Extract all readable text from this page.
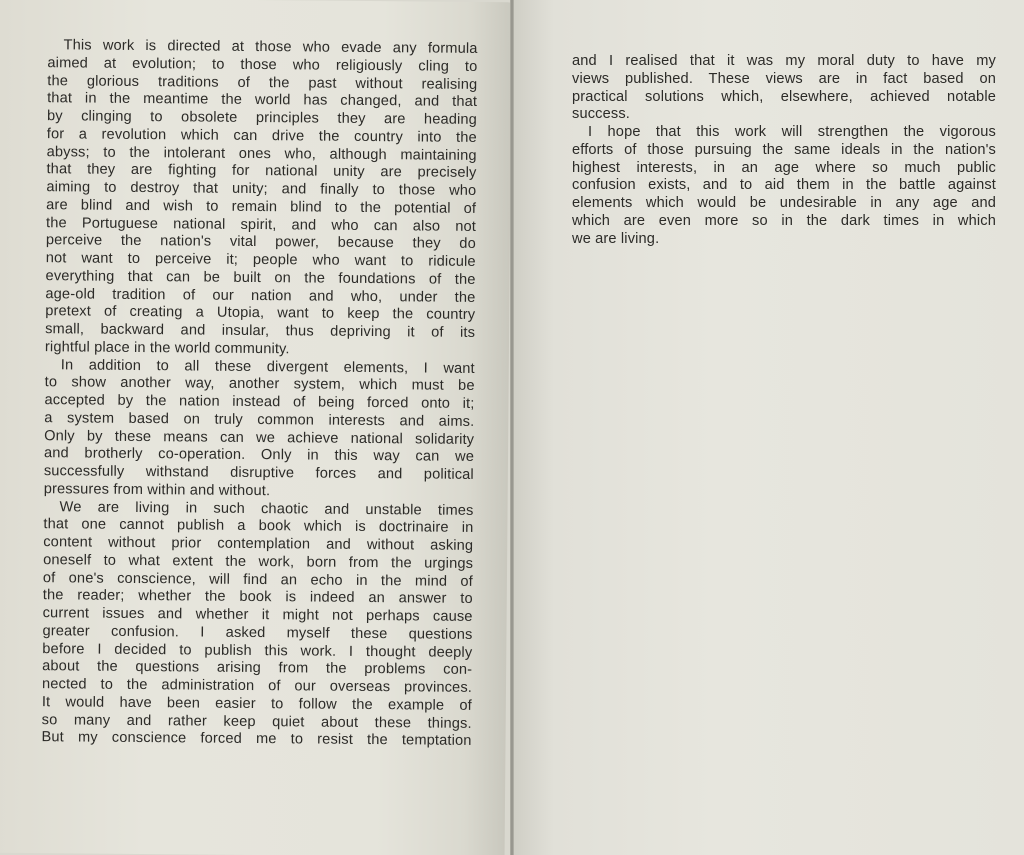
This work is directed at those who evade any formula
aimed at evolution; to those who religiously cling to
the glorious traditions of the past without realising
that in the meantime the world has changed, and that
by clinging to obsolete principles they are heading
for a revolution which can drive the country into the
abyss; to the intolerant ones who, although maintaining
that they are fighting for national unity are precisely
aiming to destroy that unity; and finally to those who
are blind and wish to remain blind to the potential of
the Portuguese national spirit, and who can also not
perceive the nation's vital power, because they do
not want to perceive it; people who want to ridicule
everything that can be built on the foundations of the
age-old tradition of our nation and who, under the
pretext of creating a Utopia, want to keep the country
small, backward and insular, thus depriving it of its
rightful place in the world community.
In addition to all these divergent elements, I want
to show another way, another system, which must be
accepted by the nation instead of being forced onto it;
a system based on truly common interests and aims.
Only by these means can we achieve national solidarity
and brotherly co-operation. Only in this way can we
successfully withstand disruptive forces and political
pressures from within and without.
We are living in such chaotic and unstable times
that one cannot publish a book which is doctrinaire in
content without prior contemplation and without asking
oneself to what extent the work, born from the urgings
of one's conscience, will find an echo in the mind of
the reader; whether the book is indeed an answer to
current issues and whether it might not perhaps cause
greater confusion. I asked myself these questions
before I decided to publish this work. I thought deeply
about the questions arising from the problems con-
nected to the administration of our overseas provinces.
It would have been easier to follow the example of
so many and rather keep quiet about these things.
But my conscience forced me to resist the temptation
and I realised that it was my moral duty to have my
views published. These views are in fact based on
practical solutions which, elsewhere, achieved notable
success.
I hope that this work will strengthen the vigorous
efforts of those pursuing the same ideals in the nation's
highest interests, in an age where so much public
confusion exists, and to aid them in the battle against
elements which would be undesirable in any age and
which are even more so in the dark times in which
we are living.
